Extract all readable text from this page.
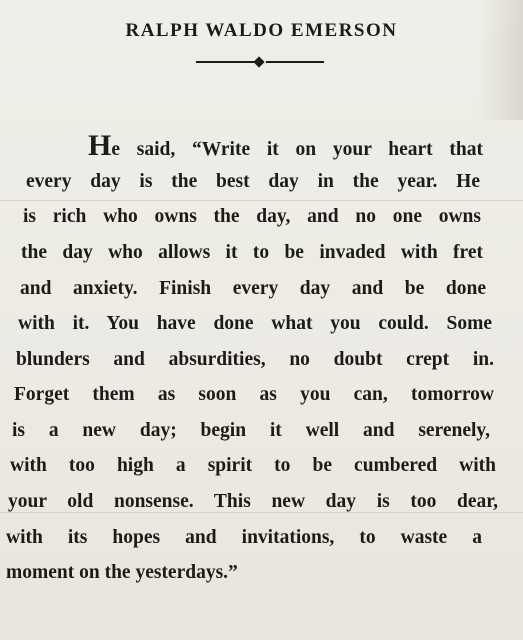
RALPH WALDO EMERSON
He said, “Write it on your heart that
every day is the best day in the year. He
is rich who owns the day, and no one owns
the day who allows it to be invaded with fret
and anxiety. Finish every day and be done
with it. You have done what you could. Some
blunders and absurdities, no doubt crept in.
Forget them as soon as you can, tomorrow
is a new day; begin it well and serenely,
with too high a spirit to be cumbered with
your old nonsense. This new day is too dear,
with its hopes and invitations, to waste a
moment on the yesterdays.”
